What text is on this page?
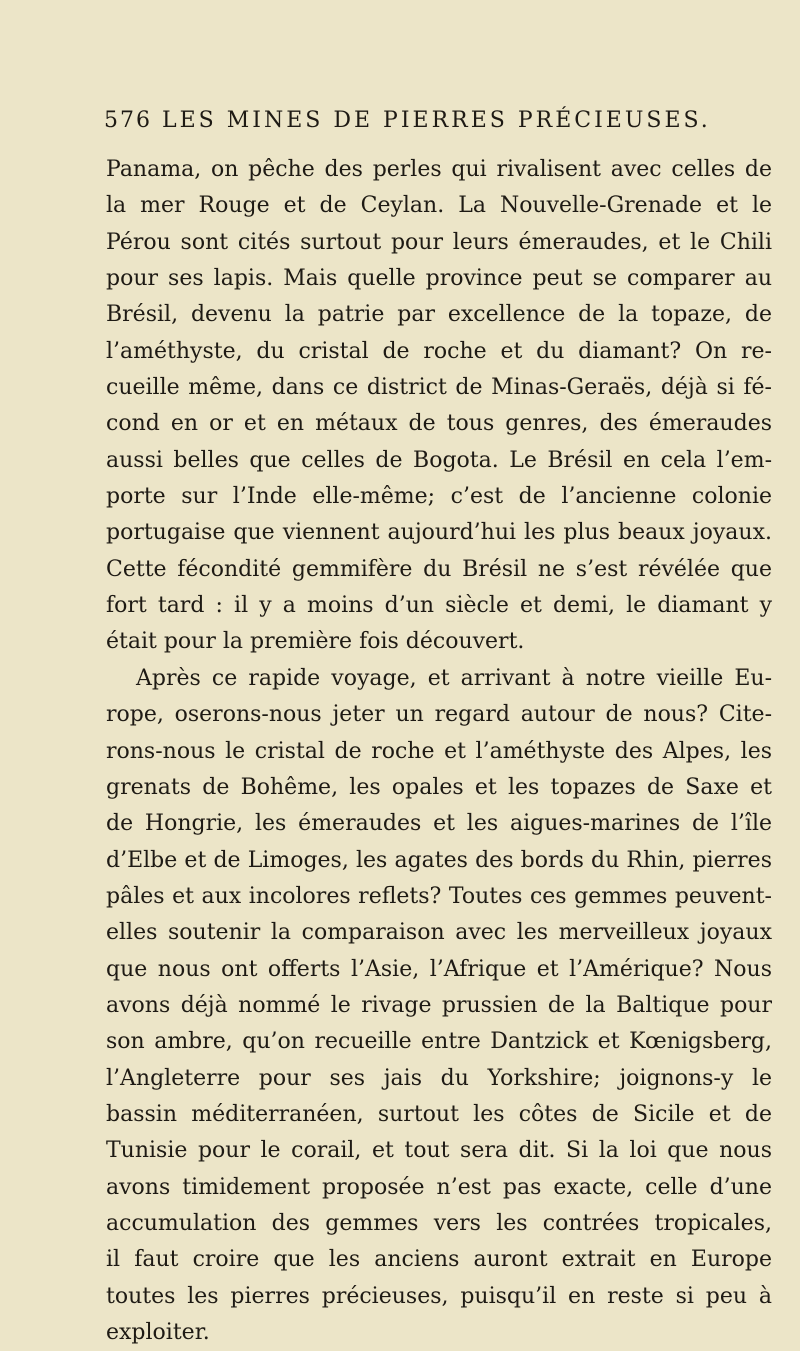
576 LES MINES DE PIERRES PRÉCIEUSES.
Panama, on pêche des perles qui rivalisent avec celles de
la mer Rouge et de Ceylan. La Nouvelle-Grenade et le
Pérou sont cités surtout pour leurs émeraudes, et le Chili
pour ses lapis. Mais quelle province peut se comparer au
Brésil, devenu la patrie par excellence de la topaze, de
l’améthyste, du cristal de roche et du diamant? On re-
cueille même, dans ce district de Minas-Geraës, déjà si fé-
cond en or et en métaux de tous genres, des émeraudes
aussi belles que celles de Bogota. Le Brésil en cela l’em-
porte sur l’Inde elle-même; c’est de l’ancienne colonie
portugaise que viennent aujourd’hui les plus beaux joyaux.
Cette fécondité gemmifère du Brésil ne s’est révélée que
fort tard : il y a moins d’un siècle et demi, le diamant y
était pour la première fois découvert.
Après ce rapide voyage, et arrivant à notre vieille Eu-
rope, oserons-nous jeter un regard autour de nous? Cite-
rons-nous le cristal de roche et l’améthyste des Alpes, les
grenats de Bohême, les opales et les topazes de Saxe et
de Hongrie, les émeraudes et les aigues-marines de l’île
d’Elbe et de Limoges, les agates des bords du Rhin, pierres
pâles et aux incolores reflets? Toutes ces gemmes peuvent-
elles soutenir la comparaison avec les merveilleux joyaux
que nous ont offerts l’Asie, l’Afrique et l’Amérique? Nous
avons déjà nommé le rivage prussien de la Baltique pour
son ambre, qu’on recueille entre Dantzick et Kœnigsberg,
l’Angleterre pour ses jais du Yorkshire; joignons-y le
bassin méditerranéen, surtout les côtes de Sicile et de
Tunisie pour le corail, et tout sera dit. Si la loi que nous
avons timidement proposée n’est pas exacte, celle d’une
accumulation des gemmes vers les contrées tropicales,
il faut croire que les anciens auront extrait en Europe
toutes les pierres précieuses, puisqu’il en reste si peu à
exploiter.
